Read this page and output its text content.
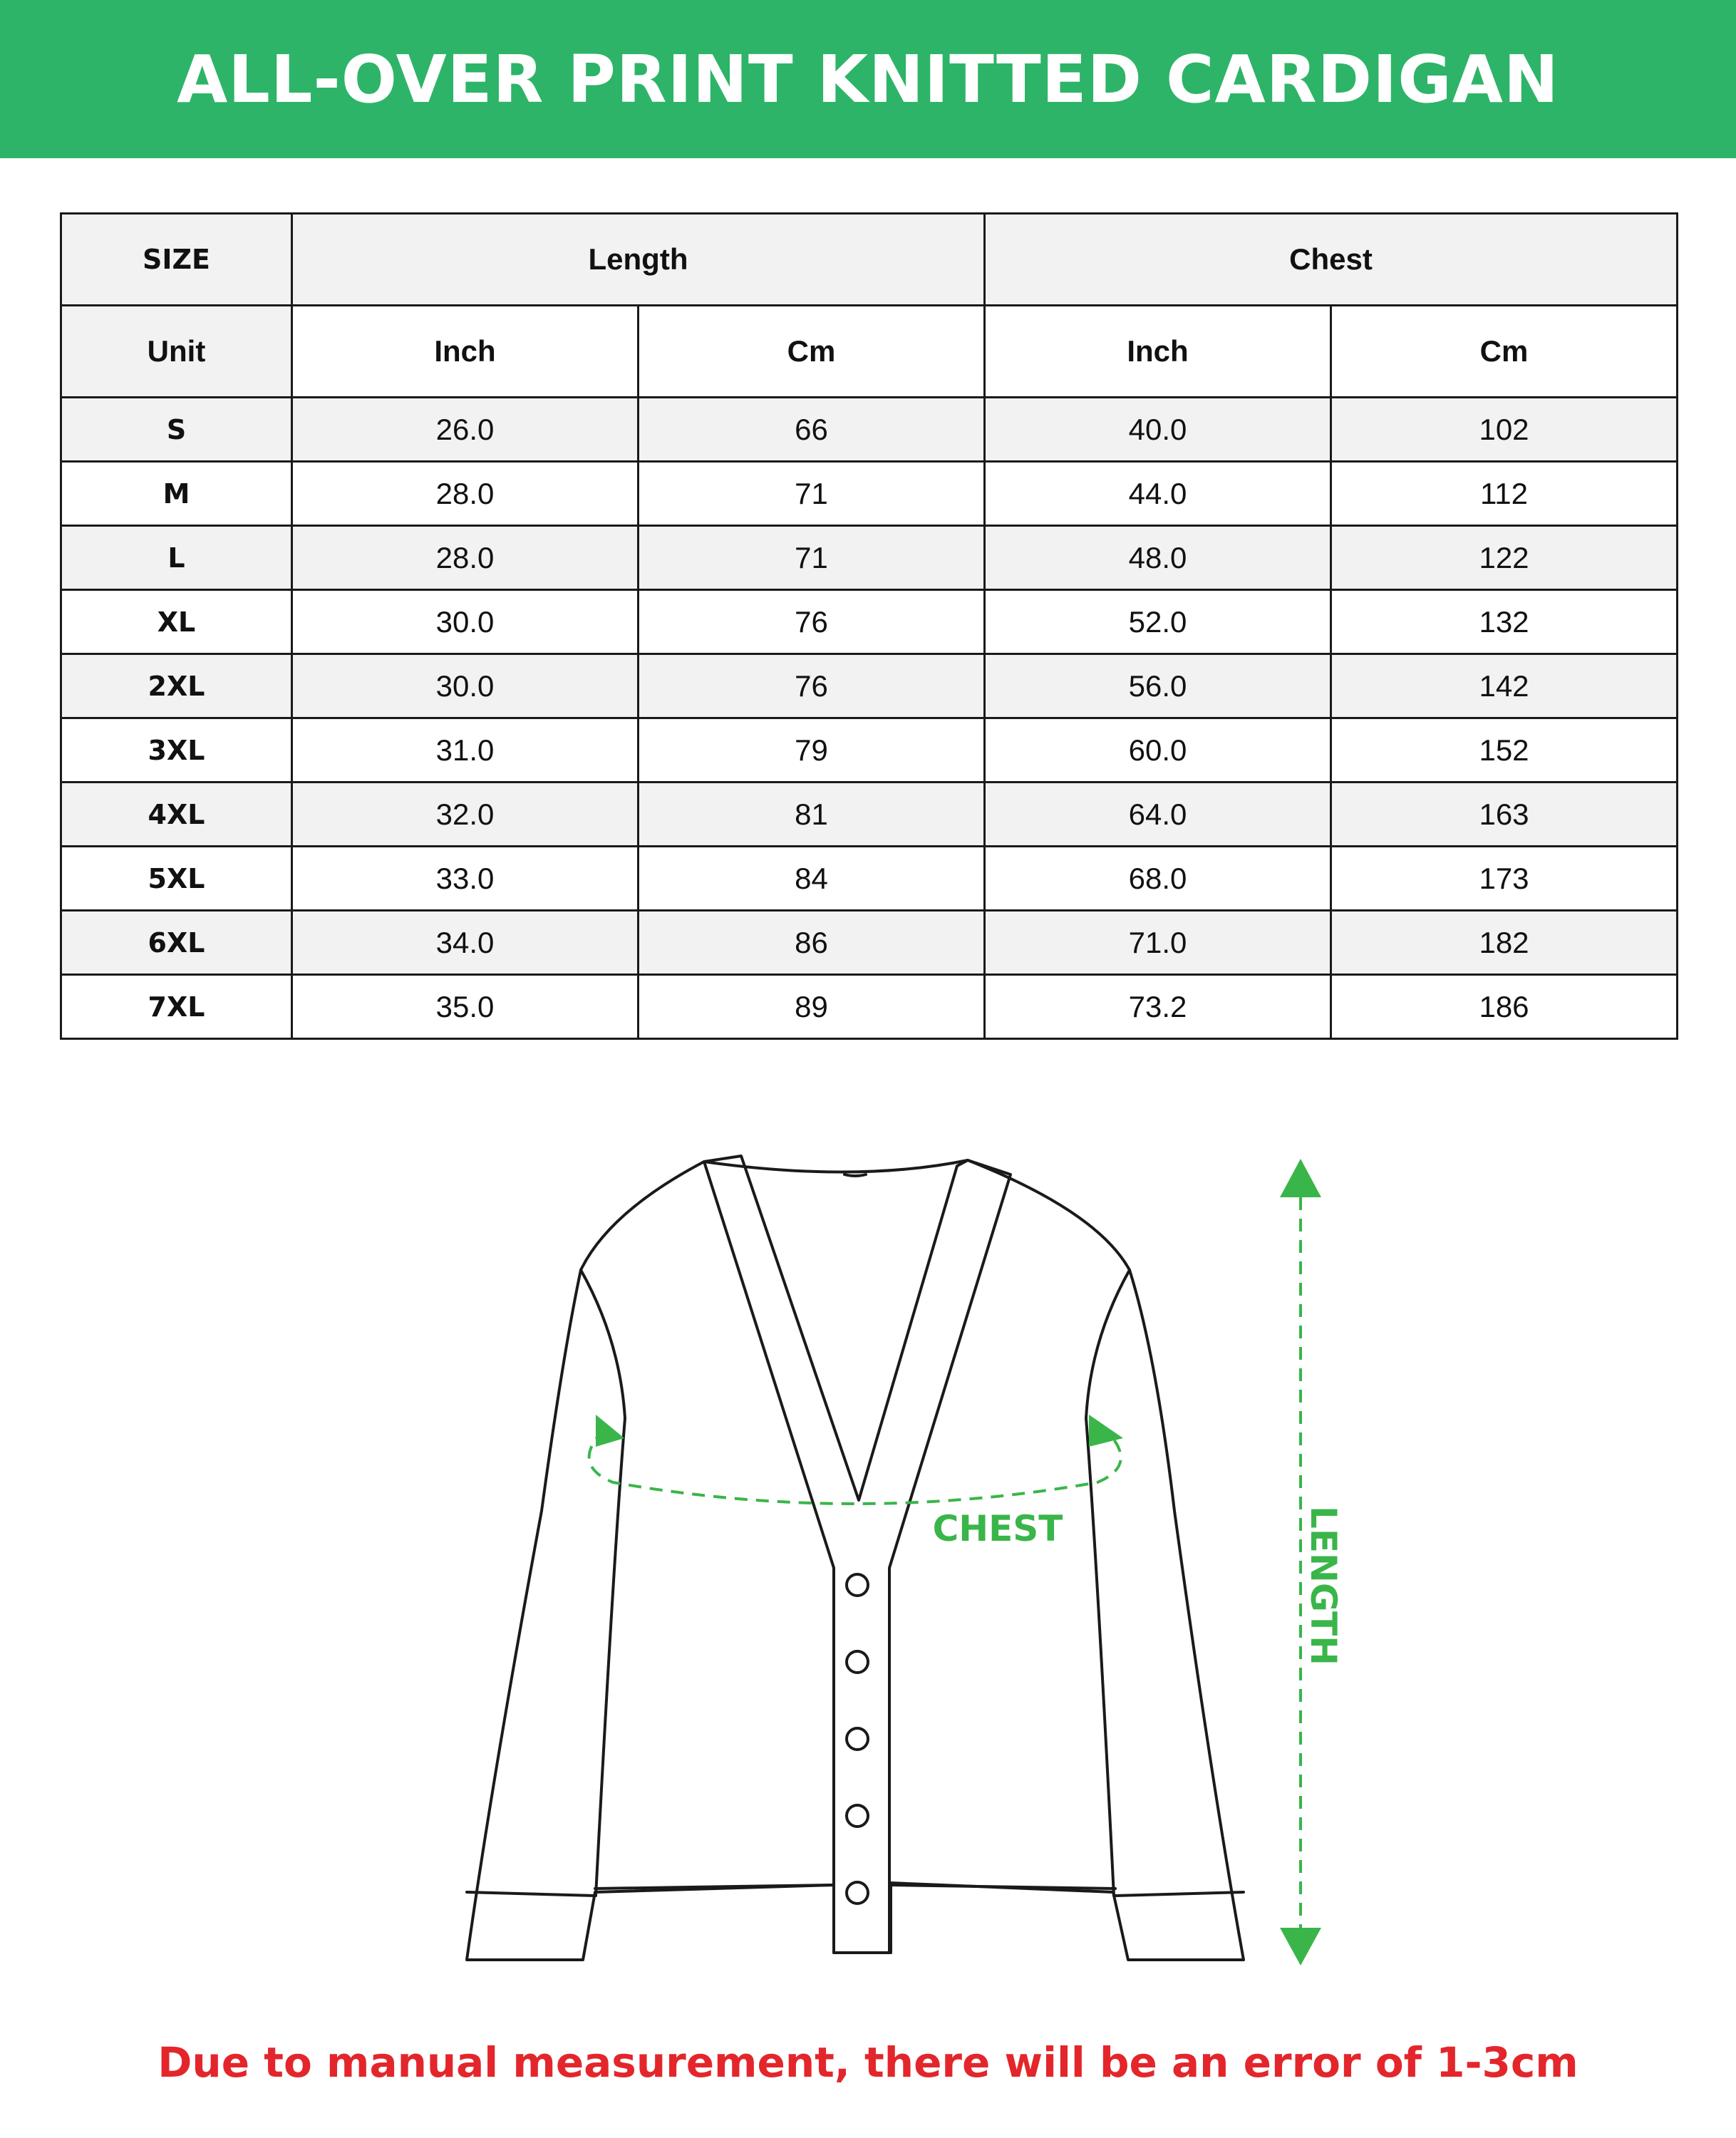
ALL-OVER PRINT KNITTED CARDIGAN
SIZE	Length		Chest	
Unit	Inch	Cm	Inch	Cm
S	26.0	66	40.0	102
M	28.0	71	44.0	112
L	28.0	71	48.0	122
XL	30.0	76	52.0	132
2XL	30.0	76	56.0	142
3XL	31.0	79	60.0	152
4XL	32.0	81	64.0	163
5XL	33.0	84	68.0	173
6XL	34.0	86	71.0	182
7XL	35.0	89	73.2	186
CHEST	LENGTH
Due to manual measurement, there will be an error of 1-3cm
